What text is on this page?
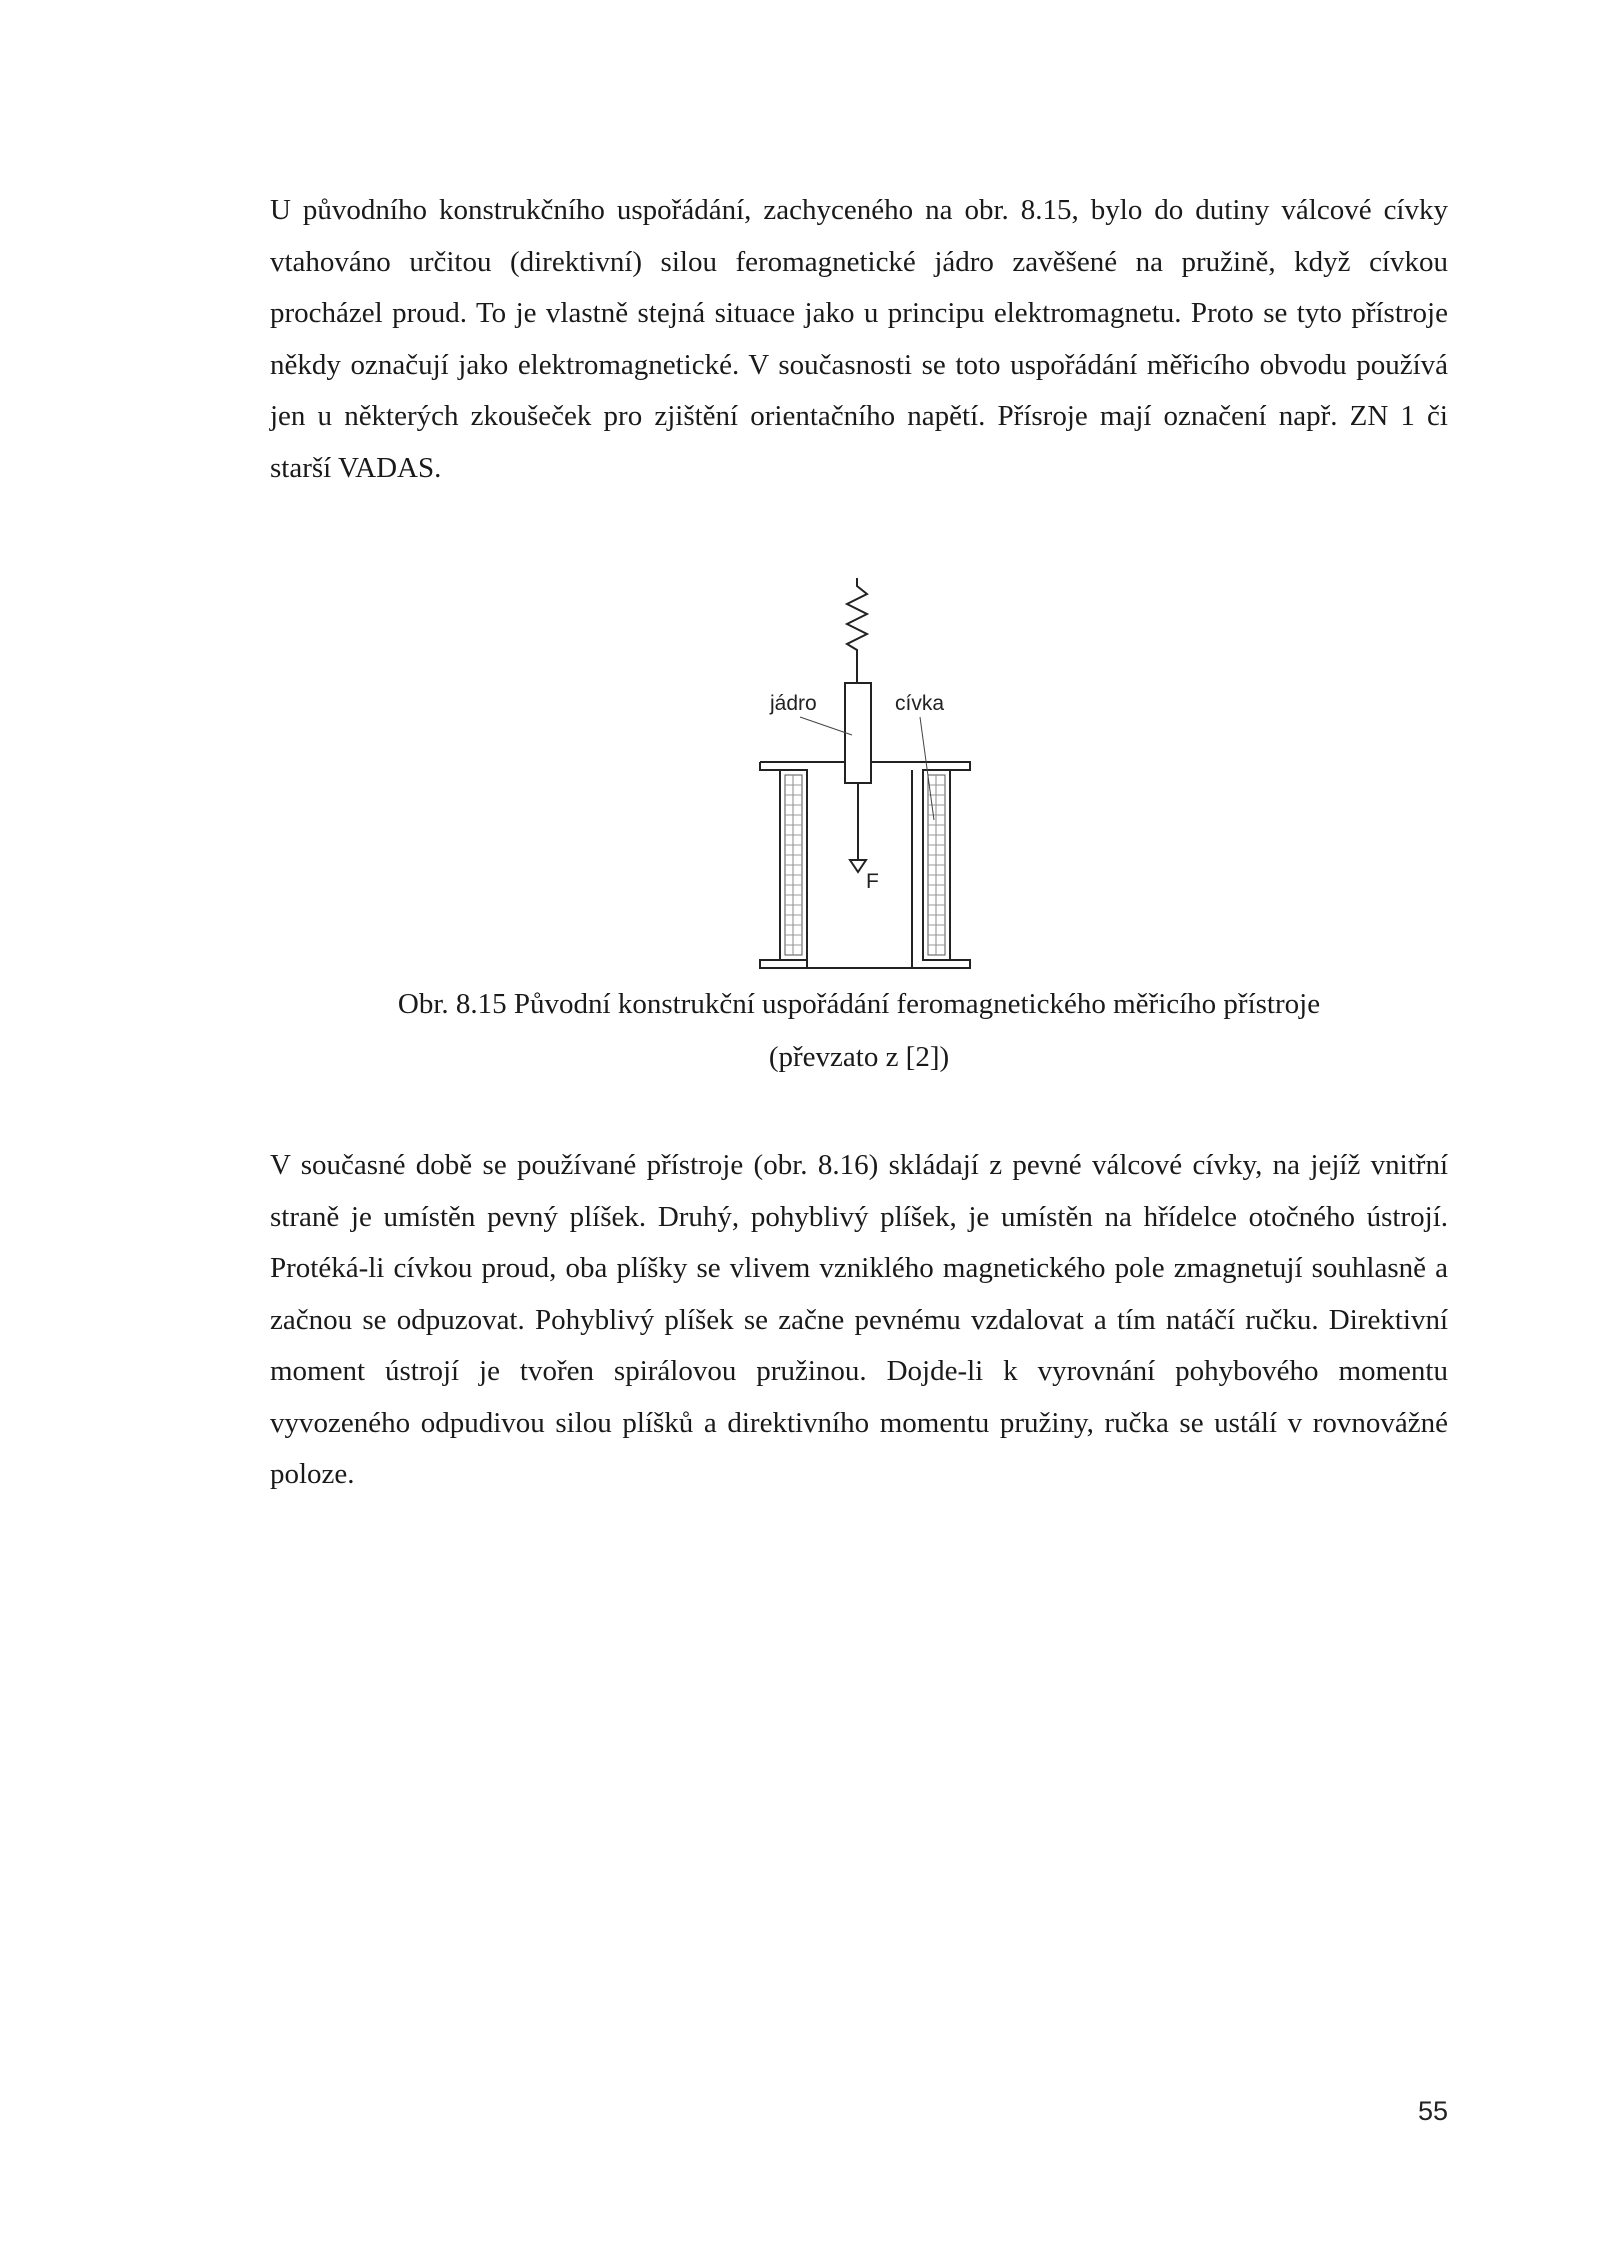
U původního konstrukčního uspořádání, zachyceného na obr. 8.15, bylo do dutiny válcové cívky vtahováno určitou (direktivní) silou feromagnetické jádro zavěšené na pružině, když cívkou procházel proud. To je vlastně stejná situace jako u principu elektromagnetu. Proto se tyto přístroje někdy označují jako elektromagnetické. V současnosti se toto uspořádání měřicího obvodu používá jen u některých zkoušeček pro zjištění orientačního napětí. Přísroje mají označení např. ZN 1 či starší VADAS.

F
jádro	cívka

Obr. 8.15 Původní konstrukční uspořádání feromagnetického měřicího přístroje
(převzato z [2])

V současné době se používané přístroje (obr. 8.16) skládají z pevné válcové cívky, na jejíž vnitřní straně je umístěn pevný plíšek. Druhý, pohyblivý plíšek, je umístěn na hřídelce otočného ústrojí. Protéká-li cívkou proud, oba plíšky se vlivem vzniklého magnetického pole zmagnetují souhlasně a začnou se odpuzovat. Pohyblivý plíšek se začne pevnému vzdalovat a tím natáčí ručku. Direktivní moment ústrojí je tvořen spirálovou pružinou. Dojde-li k vyrovnání pohybového momentu vyvozeného odpudivou silou plíšků a direktivního momentu pružiny, ručka se ustálí v rovnovážné poloze.

55
